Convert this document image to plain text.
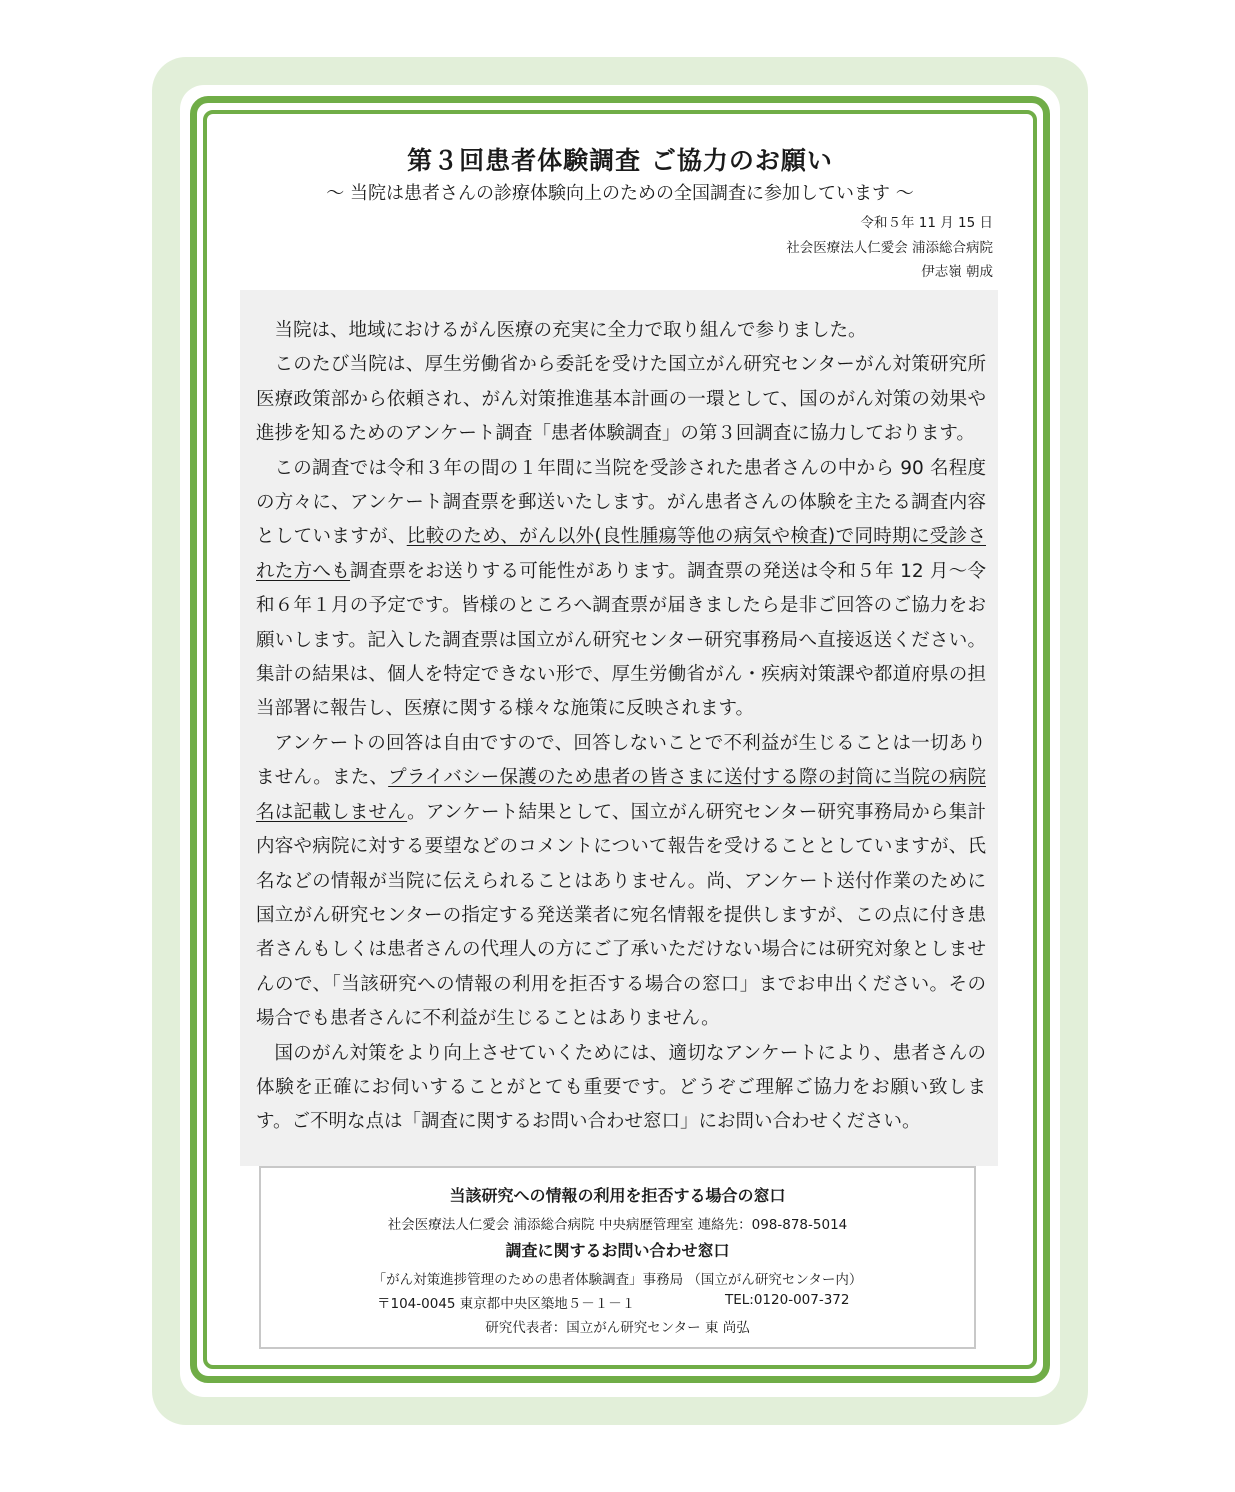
第３回患者体験調査 ご協力のお願い
～ 当院は患者さんの診療体験向上のための全国調査に参加しています ～
令和５年 11 月 15 日
社会医療法人仁愛会 浦添総合病院
伊志嶺 朝成

当院は、地域におけるがん医療の充実に全力で取り組んで参りました。

このたび当院は、厚生労働省から委託を受けた国立がん研究センターがん対策研究所医療政策部から依頼され、がん対策推進基本計画の一環として、国のがん対策の効果や進捗を知るためのアンケート調査「患者体験調査」の第３回調査に協力しております。

この調査では令和３年の間の１年間に当院を受診された患者さんの中から 90 名程度の方々に、アンケート調査票を郵送いたします。がん患者さんの体験を主たる調査内容としていますが、比較のため、がん以外(良性腫瘍等他の病気や検査)で同時期に受診された方へも調査票をお送りする可能性があります。調査票の発送は令和５年 12 月～令和６年１月の予定です。皆様のところへ調査票が届きましたら是非ご回答のご協力をお願いします。記入した調査票は国立がん研究センター研究事務局へ直接返送ください。集計の結果は、個人を特定できない形で、厚生労働省がん・疾病対策課や都道府県の担当部署に報告し、医療に関する様々な施策に反映されます。

アンケートの回答は自由ですので、回答しないことで不利益が生じることは一切ありません。また、プライバシー保護のため患者の皆さまに送付する際の封筒に当院の病院名は記載しません。アンケート結果として、国立がん研究センター研究事務局から集計内容や病院に対する要望などのコメントについて報告を受けることとしていますが、氏名などの情報が当院に伝えられることはありません。尚、アンケート送付作業のために国立がん研究センターの指定する発送業者に宛名情報を提供しますが、この点に付き患者さんもしくは患者さんの代理人の方にご了承いただけない場合には研究対象としませんので、「当該研究への情報の利用を拒否する場合の窓口」までお申出ください。その場合でも患者さんに不利益が生じることはありません。

国のがん対策をより向上させていくためには、適切なアンケートにより、患者さんの体験を正確にお伺いすることがとても重要です。どうぞご理解ご協力をお願い致します。ご不明な点は「調査に関するお問い合わせ窓口」にお問い合わせください。

当該研究への情報の利用を拒否する場合の窓口
社会医療法人仁愛会 浦添総合病院 中央病歴管理室 連絡先：098-878-5014
調査に関するお問い合わせ窓口
「がん対策進捗管理のための患者体験調査」事務局 （国立がん研究センター内）
〒104-0045 東京都中央区築地５－１－１	TEL:0120-007-372
研究代表者：国立がん研究センター 東 尚弘
